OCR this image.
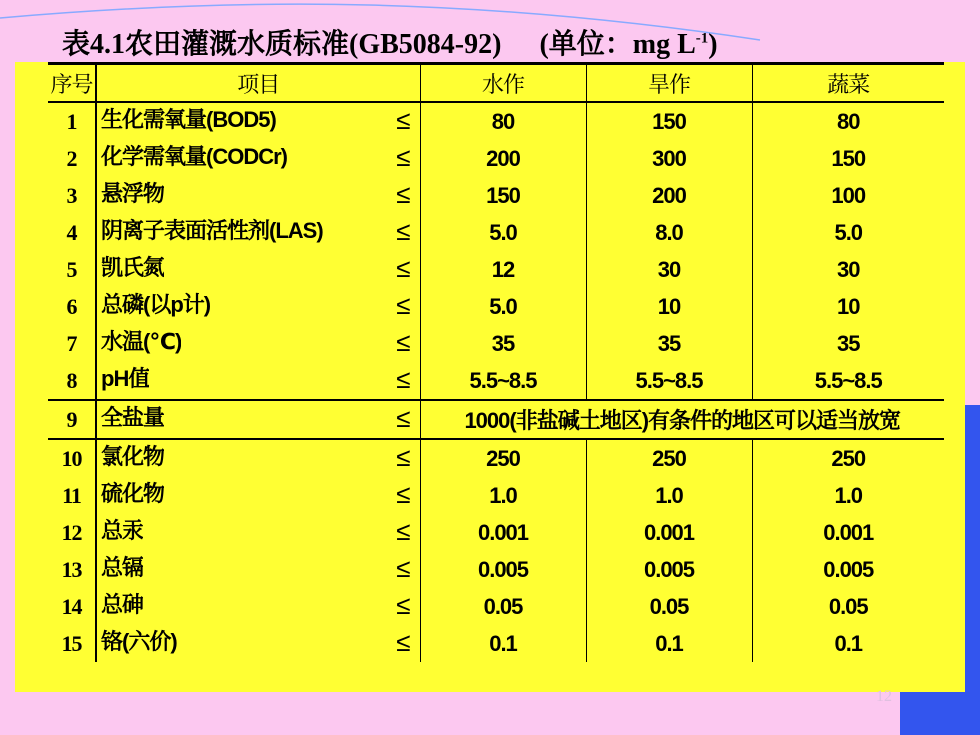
表4.1农田灌溉水质标准(GB5084-92) (单位：mg $L^{-1}$)
序号	项目	水作	旱作	蔬菜
1	生化需氧量(BOD5) ≤	80	150	80
2	化学需氧量(CODCr) ≤	200	300	150
3	悬浮物 ≤	150	200	100
4	阴离子表面活性剂(LAS) ≤	5.0	8.0	5.0
5	凯氏氮 ≤	12	30	30
6	总磷(以p计) ≤	5.0	10	10
7	水温(℃) ≤	35	35	35
8	pH值 ≤	5.5~8.5	5.5~8.5	5.5~8.5
9	全盐量 ≤	1000(非盐碱土地区)有条件的地区可以适当放宽		
10	氯化物 ≤	250	250	250
11	硫化物 ≤	1.0	1.0	1.0
12	总汞 ≤	0.001	0.001	0.001
13	总镉 ≤	0.005	0.005	0.005
14	总砷 ≤	0.05	0.05	0.05
15	铬(六价) ≤	0.1	0.1	0.1
12
